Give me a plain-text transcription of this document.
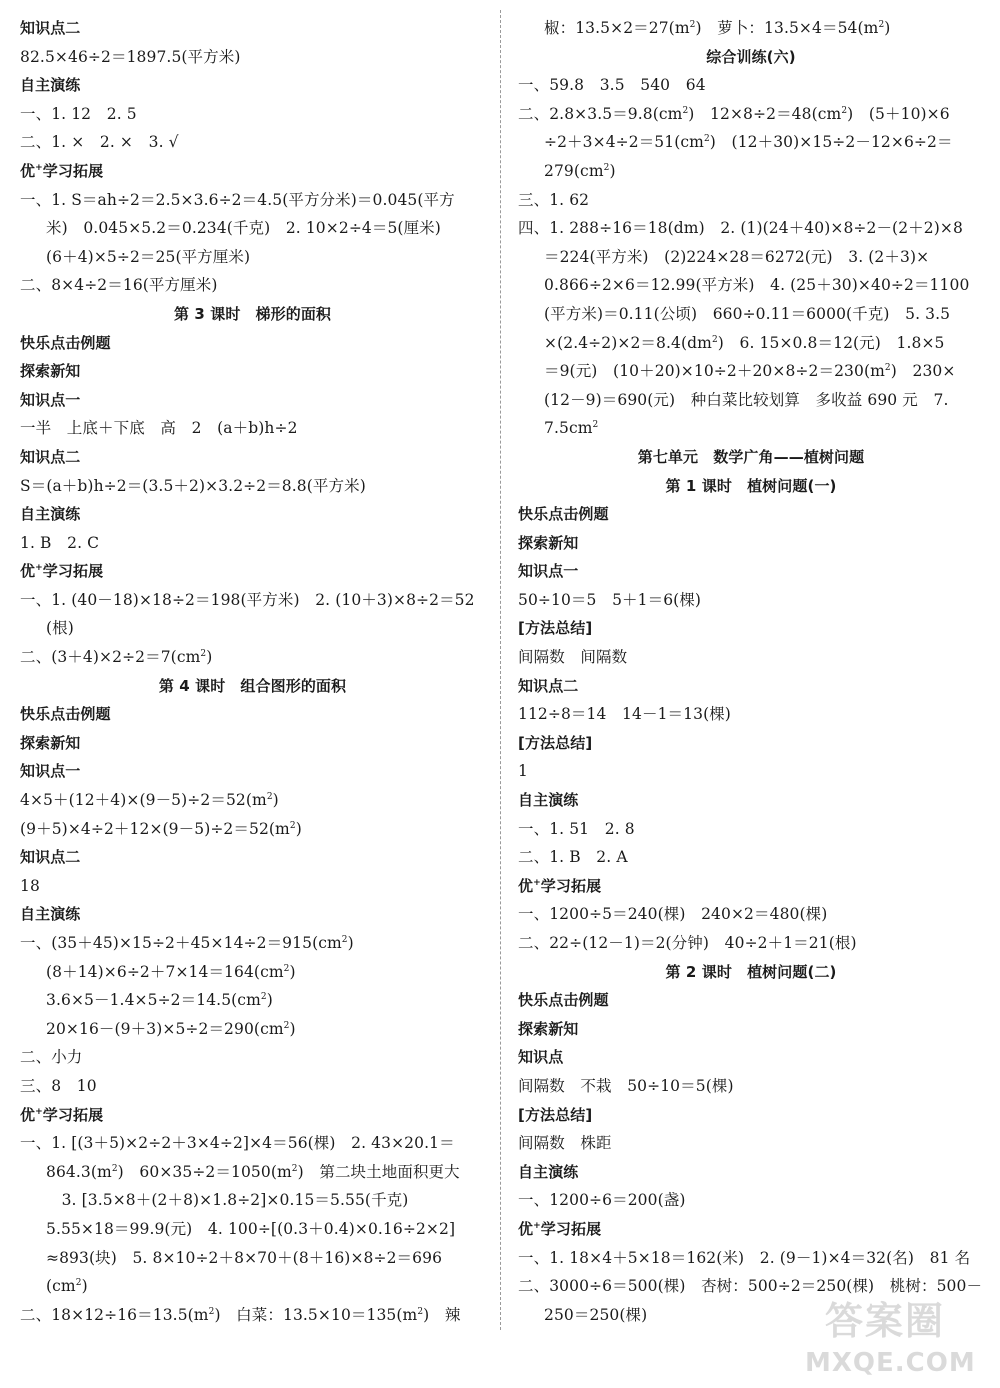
知识点二
82.5×46÷2＝1897.5(平方米)
自主演练
一、1. 12　2. 5
二、1. ×　2. ×　3. √
优+学习拓展
一、1. S＝ah÷2＝2.5×3.6÷2＝4.5(平方分米)＝0.045(平方
米)　0.045×5.2＝0.234(千克)　2. 10×2÷4＝5(厘米)
(6＋4)×5÷2＝25(平方厘米)
二、8×4÷2＝16(平方厘米)
第 3 课时　梯形的面积
快乐点击例题
探索新知
知识点一
一半　上底＋下底　高　2　(a＋b)h÷2
知识点二
S＝(a＋b)h÷2＝(3.5＋2)×3.2÷2＝8.8(平方米)
自主演练
1. B　2. C
优+学习拓展
一、1. (40－18)×18÷2＝198(平方米)　2. (10＋3)×8÷2＝52
(根)
二、$(3+4)\times 2\div 2=7(cm^2)$
第 4 课时　组合图形的面积
快乐点击例题
探索新知
知识点一
$4\times 5+(12+4)\times(9-5)\div 2=52(m^2)$
$(9+5)\times 4\div 2+12\times(9-5)\div 2=52(m^2)$
知识点二
18
自主演练
一、$(35+45)\times 15\div 2+45\times 14\div 2=915(cm^2)$
$(8+14)\times 6\div 2+7\times 14=164(cm^2)$
$3.6\times 5-1.4\times 5\div 2=14.5(cm^2)$
$20\times 16-(9+3)\times 5\div 2=290(cm^2)$
二、小力
三、8　10
优+学习拓展
一、1. [(3＋5)×2÷2＋3×4÷2]×4＝56(棵)　2. 43×20.1＝
$864.3(m^2)$　$60\times 35\div 2=1050(m^2)$　第二块土地面积更大
　3. [3.5×8＋(2＋8)×1.8÷2]×0.15＝5.55(千克)
5.55×18＝99.9(元)　4. 100÷[(0.3＋0.4)×0.16÷2×2]
≈893(块)　5. 8×10÷2＋8×70＋(8＋16)×8÷2＝696
$(cm^2)$
二、$18\times 12\div 16=13.5(m^2)$　白菜：$13.5\times 10=135(m^2)$　辣
椒：$13.5\times 2=27(m^2)$　萝卜：$13.5\times 4=54(m^2)$
综合训练(六)
一、59.8　3.5　540　64
二、$2.8\times 3.5=9.8(cm^2)$　$12\times 8\div 2=48(cm^2)$　(5＋10)×6
$\div 2+3\times 4\div 2=51(cm^2)$　(12＋30)×15÷2－12×6÷2＝
$279(cm^2)$
三、1. 62
四、1. 288÷16＝18(dm)　2. (1)(24＋40)×8÷2－(2＋2)×8
＝224(平方米)　(2)224×28＝6272(元)　3. (2＋3)×
0.866÷2×6＝12.99(平方米)　4. (25＋30)×40÷2＝1100
(平方米)＝0.11(公顷)　660÷0.11＝6000(千克)　5. 3.5
$\times(2.4\div 2)\times 2=8.4(dm^2)$　6. 15×0.8＝12(元)　1.8×5
＝9(元)　$(10+20)\times 10\div 2+20\times 8\div 2=230(m^2)$　230×
(12－9)＝690(元)　种白菜比较划算　多收益 690 元　7.
$7.5cm^2$
第七单元　数学广角——植树问题
第 1 课时　植树问题(一)
快乐点击例题
探索新知
知识点一
50÷10＝5　5＋1＝6(棵)
[方法总结]
间隔数　间隔数
知识点二
112÷8＝14　14－1＝13(棵)
[方法总结]
1
自主演练
一、1. 51　2. 8
二、1. B　2. A
优+学习拓展
一、1200÷5＝240(棵)　240×2＝480(棵)
二、22÷(12－1)＝2(分钟)　40÷2＋1＝21(根)
第 2 课时　植树问题(二)
快乐点击例题
探索新知
知识点
间隔数　不栽　50÷10＝5(棵)
[方法总结]
间隔数　株距
自主演练
一、1200÷6＝200(盏)
优+学习拓展
一、1. 18×4＋5×18＝162(米)　2. (9－1)×4＝32(名)　81 名
二、3000÷6＝500(棵)　杏树：500÷2＝250(棵)　桃树：500－
250＝250(棵)	答案圈
MXQE.COM
